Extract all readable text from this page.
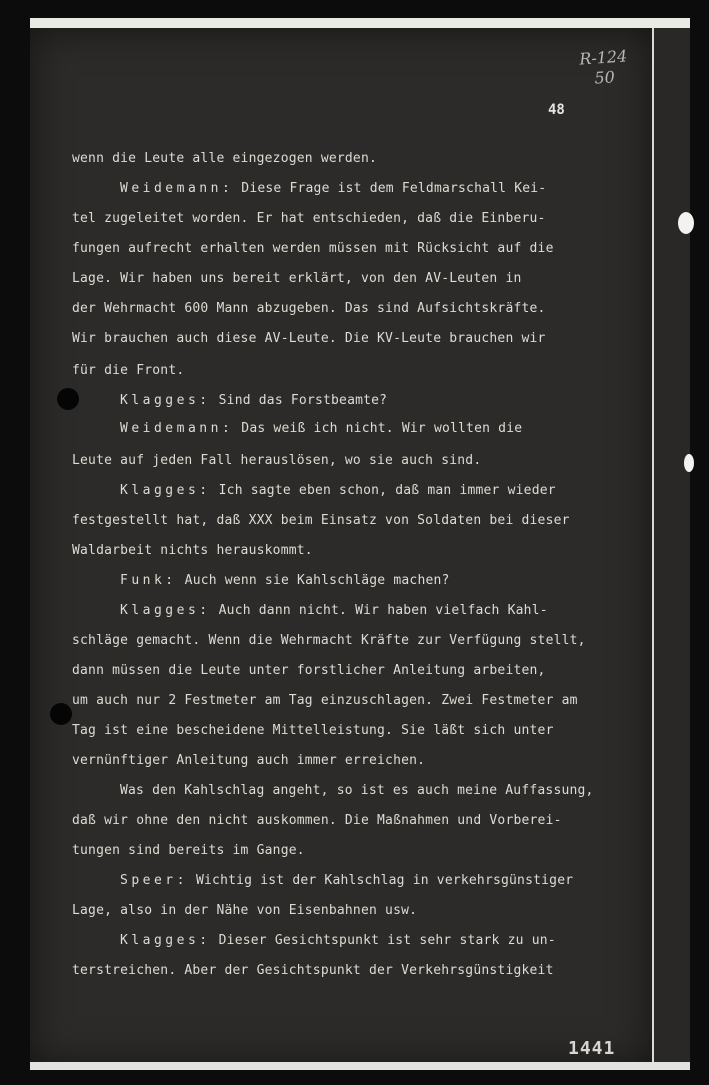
R-124
50
48
wenn die Leute alle eingezogen werden.
Weidemann: Diese Frage ist dem Feldmarschall Kei-
tel zugeleitet worden. Er hat entschieden, daß die Einberu-
fungen aufrecht erhalten werden müssen mit Rücksicht auf die
Lage. Wir haben uns bereit erklärt, von den AV-Leuten in
der Wehrmacht 600 Mann abzugeben. Das sind Aufsichtskräfte.
Wir brauchen auch diese AV-Leute. Die KV-Leute brauchen wir
für die Front.
Klagges: Sind das Forstbeamte?
Weidemann: Das weiß ich nicht. Wir wollten die
Leute auf jeden Fall herauslösen, wo sie auch sind.
Klagges: Ich sagte eben schon, daß man immer wieder
festgestellt hat, daß XXX beim Einsatz von Soldaten bei dieser
Waldarbeit nichts herauskommt.
Funk: Auch wenn sie Kahlschläge machen?
Klagges: Auch dann nicht. Wir haben vielfach Kahl-
schläge gemacht. Wenn die Wehrmacht Kräfte zur Verfügung stellt,
dann müssen die Leute unter forstlicher Anleitung arbeiten,
um auch nur 2 Festmeter am Tag einzuschlagen. Zwei Festmeter am
Tag ist eine bescheidene Mittelleistung. Sie läßt sich unter
vernünftiger Anleitung auch immer erreichen.
Was den Kahlschlag angeht, so ist es auch meine Auffassung,
daß wir ohne den nicht auskommen. Die Maßnahmen und Vorberei-
tungen sind bereits im Gange.
Speer: Wichtig ist der Kahlschlag in verkehrsgünstiger
Lage, also in der Nähe von Eisenbahnen usw.
Klagges: Dieser Gesichtspunkt ist sehr stark zu un-
terstreichen. Aber der Gesichtspunkt der Verkehrsgünstigkeit
1441
